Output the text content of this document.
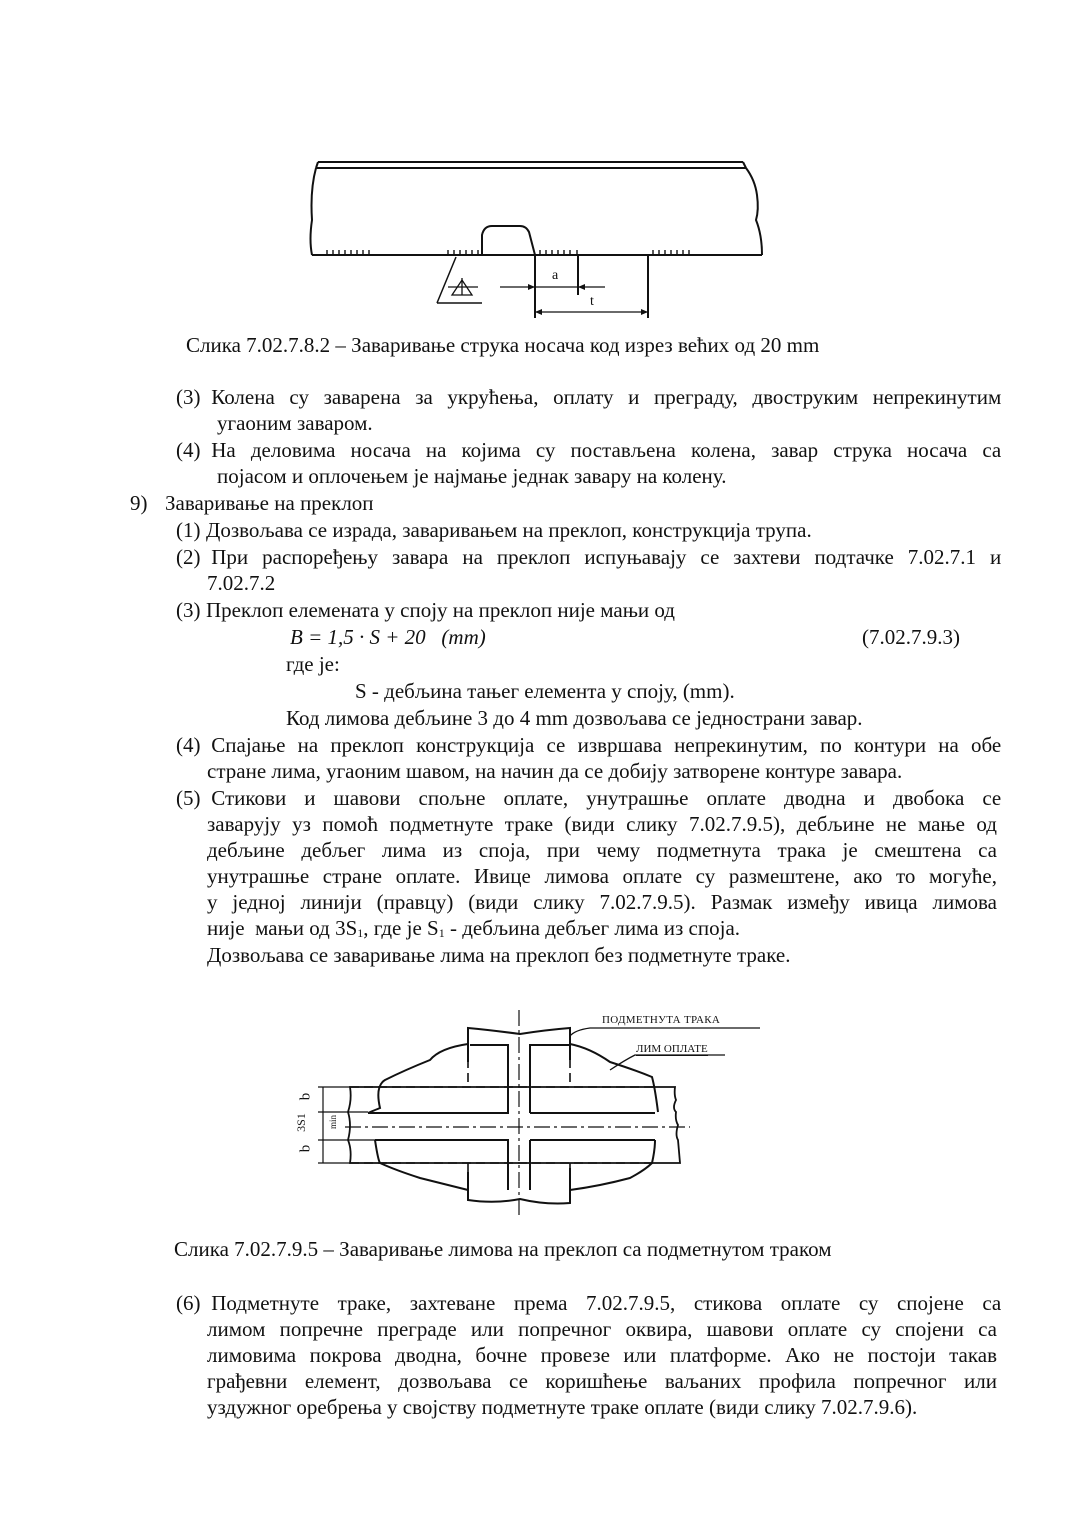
a
t
Слика 7.02.7.8.2 – Заваривање струка носача код изрез већих од 20 mm
(3) Колена су заварена за укрућења, оплату и преграду, двоструким непрекинутим
угаоним заваром.
(4) На деловима носача на којима су постављена колена, завар струка носача са
појасом и оплочењем је најмање једнак завару на колену.
9) Заваривање на преклоп
(1) Дозвољава се израда, заваривањем на преклоп, конструкција трупа.
(2) При распоређењу завара на преклоп испуњавају се захтеви подтачке 7.02.7.1 и
7.02.7.2
(3) Преклоп елемената у споју на преклоп није мањи од
B = 1,5 · S + 20   (mm)	(7.02.7.9.3)
где је:
S - дебљина тањег елемента у споју, (mm).
Код лимова дебљине 3 до 4 mm дозвољава се једнострани завар.
(4) Спајање на преклоп конструкција се извршава непрекинутим, по контури на обе
стране лима, угаоним шавом, на начин да се добију затворене контуре завара.
(5) Стикови и шавови спољне оплате, унутрашње оплате дводна и двобока се
заварују уз помоћ подметнуте траке (види слику 7.02.7.9.5), дебљине не мање од
дебљине дебљег лима из споја, при чему подметнута трака је смештена са
унутрашње стране оплате. Ивице лимова оплате су размештене, ако то могуће,
у једној линији (правцу) (види слику 7.02.7.9.5). Размак између ивица лимова
није  мањи од $3S_1$, где је $S_1$ - дебљина дебљег лима из споја.
Дозвољава се заваривање лима на преклоп без подметнуте траке.
ПОДМЕТНУТА ТРАКА
ЛИМ ОПЛАТЕ
b
3S1 min
b
Слика 7.02.7.9.5 – Заваривање лимова на преклоп са подметнутом траком
(6) Подметнуте траке, захтеване према 7.02.7.9.5, стикова оплате су спојене са
лимом попречне преграде или попречног оквира, шавови оплате су спојени са
лимовима покрова дводна, бочне провезе или платформе. Ако не постоји такав
грађевни елемент, дозвољава се коришћење ваљаних профила попречног или
уздужног оребрења у својству подметнуте траке оплате (види слику 7.02.7.9.6).
